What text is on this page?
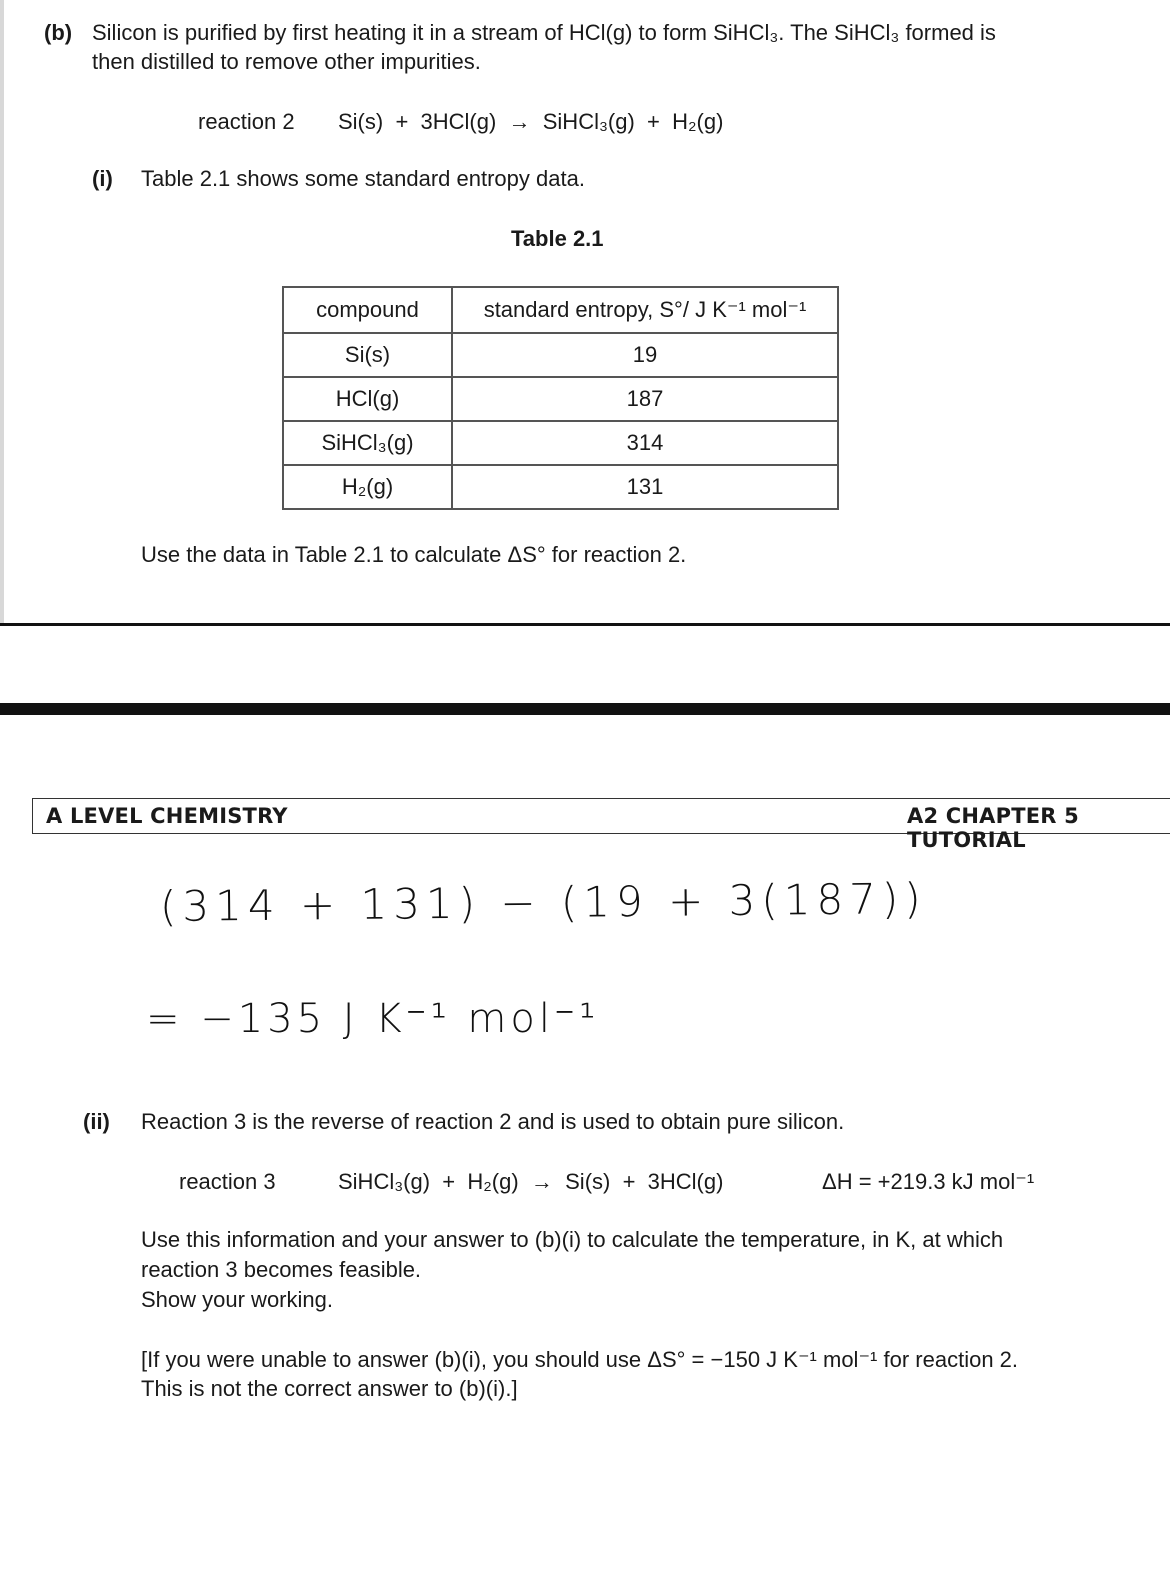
(b) Silicon is purified by first heating it in a stream of HCl(g) to form SiHCl₃. The SiHCl₃ formed is
then distilled to remove other impurities.
reaction 2 Si(s)  +  3HCl(g)  →  SiHCl₃(g)  +  H₂(g)
(i) Table 2.1 shows some standard entropy data.
Table 2.1
compound	standard entropy, S°/ J K⁻¹ mol⁻¹
Si(s)	19
HCl(g)	187
SiHCl₃(g)	314
H₂(g)	131
Use the data in Table 2.1 to calculate ΔS° for reaction 2.
A LEVEL CHEMISTRY	A2 CHAPTER 5 TUTORIAL
(314 + 131) − (19 + 3(187))
= −135 J K⁻¹ mol⁻¹
(ii) Reaction 3 is the reverse of reaction 2 and is used to obtain pure silicon.
reaction 3	SiHCl₃(g)  +  H₂(g)  →  Si(s)  +  3HCl(g)	ΔH = +219.3 kJ mol⁻¹
Use this information and your answer to (b)(i) to calculate the temperature, in K, at which
reaction 3 becomes feasible.
Show your working.
[If you were unable to answer (b)(i), you should use ΔS° = −150 J K⁻¹ mol⁻¹ for reaction 2.
This is not the correct answer to (b)(i).]
